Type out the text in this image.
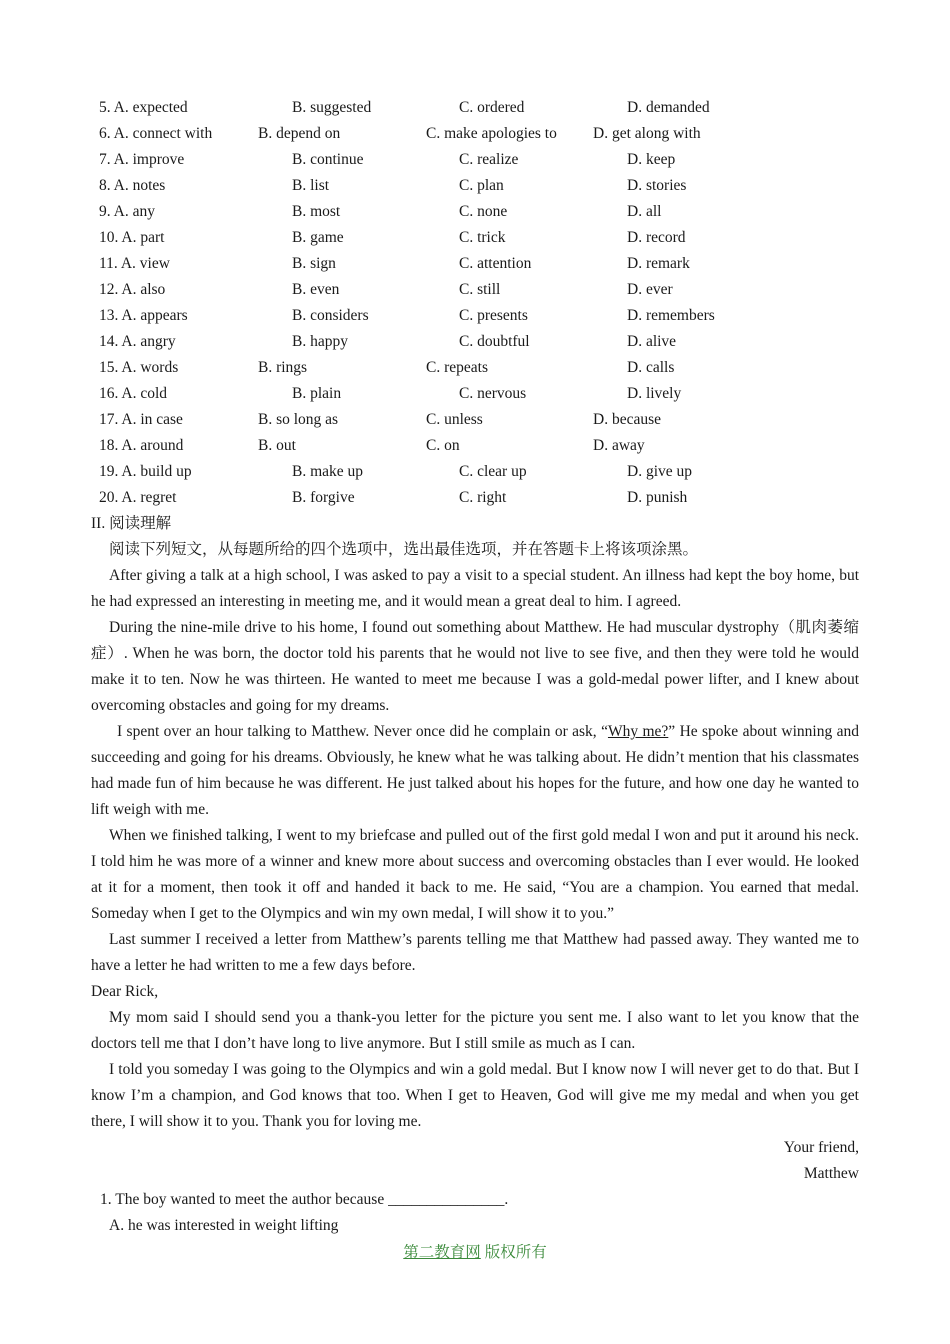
5. A. expected	B. suggested	C. ordered	D. demanded
6. A. connect with	B. depend on	C. make apologies to D. get along with
7. A. improve	B. continue	C. realize	D. keep
8. A. notes	B. list	C. plan	D. stories
9. A. any	B. most	C. none	D. all
10. A. part	B. game	C. trick	D. record
11. A. view	B. sign	C. attention	D. remark
12. A. also	B. even	C. still	D. ever
13. A. appears	B. considers	C. presents	D. remembers
14. A. angry	B. happy	C. doubtful	D. alive
15. A. words	B. rings	C. repeats	D. calls
16. A. cold	B. plain	C. nervous	D. lively
17. A. in case	B. so long as	C. unless	D. because
18. A. around	B. out	C. on	D. away
19. A. build up	B. make up	C. clear up	D. give up
20. A. regret	B. forgive	C. right	D. punish
II. 阅读理解
阅读下列短文，从每题所给的四个选项中，选出最佳选项，并在答题卡上将该项涂黑。

After giving a talk at a high school, I was asked to pay a visit to a special student. An illness had kept the boy home, but he had expressed an interesting in meeting me, and it would mean a great deal to him. I agreed.

During the nine-mile drive to his home, I found out something about Matthew. He had muscular dystrophy（肌肉萎缩症）. When he was born, the doctor told his parents that he would not live to see five, and then they were told he would make it to ten. Now he was thirteen. He wanted to meet me because I was a gold-medal power lifter, and I knew about overcoming obstacles and going for my dreams.

I spent over an hour talking to Matthew. Never once did he complain or ask, “Why me?” He spoke about winning and succeeding and going for his dreams. Obviously, he knew what he was talking about. He didn’t mention that his classmates had made fun of him because he was different. He just talked about his hopes for the future, and how one day he wanted to lift weigh with me.

When we finished talking, I went to my briefcase and pulled out of the first gold medal I won and put it around his neck. I told him he was more of a winner and knew more about success and overcoming obstacles than I ever would. He looked at it for a moment, then took it off and handed it back to me. He said, “You are a champion. You earned that medal. Someday when I get to the Olympics and win my own medal, I will show it to you.”

Last summer I received a letter from Matthew’s parents telling me that Matthew had passed away. They wanted me to have a letter he had written to me a few days before.

Dear Rick,

My mom said I should send you a thank-you letter for the picture you sent me. I also want to let you know that the doctors tell me that I don’t have long to live anymore. But I still smile as much as I can.

I told you someday I was going to the Olympics and win a gold medal. But I know now I will never get to do that. But I know I’m a champion, and God knows that too. When I get to Heaven, God will give me my medal and when you get there, I will show it to you. Thank you for loving me.

Your friend,
Matthew
1. The boy wanted to meet the author because _______________.
A. he was interested in weight lifting
第二教育网 版权所有
